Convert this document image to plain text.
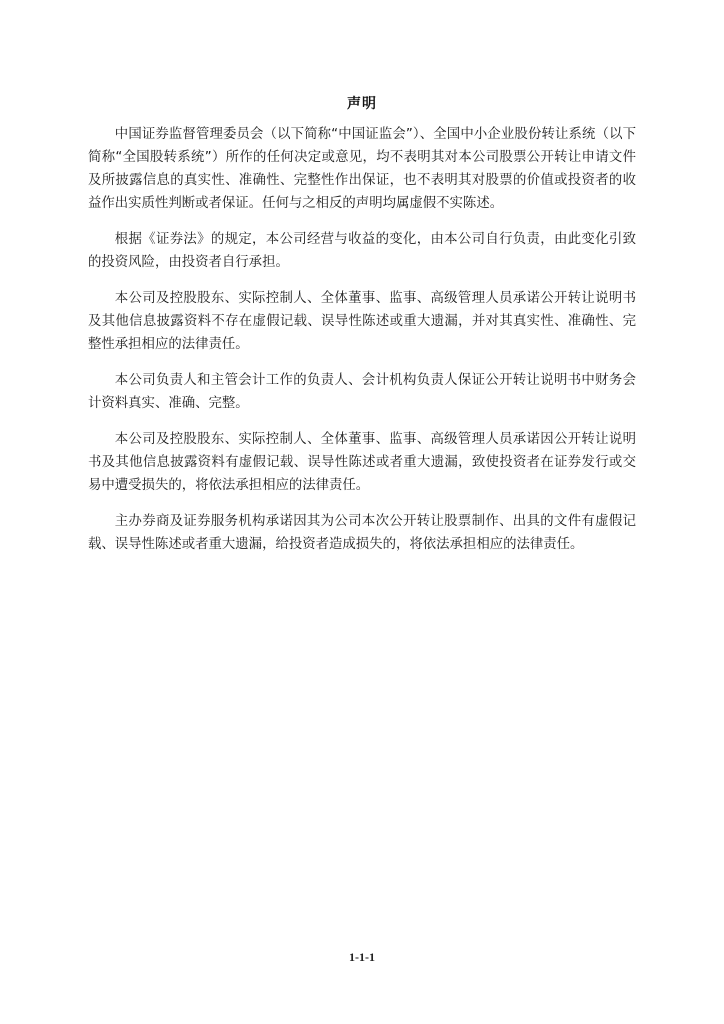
声明

中国证券监督管理委员会（以下简称“中国证监会”）、全国中小企业股份转让系统（以下简称“全国股转系统”）所作的任何决定或意见，均不表明其对本公司股票公开转让申请文件及所披露信息的真实性、准确性、完整性作出保证，也不表明其对股票的价值或投资者的收益作出实质性判断或者保证。任何与之相反的声明均属虚假不实陈述。

根据《证券法》的规定，本公司经营与收益的变化，由本公司自行负责，由此变化引致的投资风险，由投资者自行承担。

本公司及控股股东、实际控制人、全体董事、监事、高级管理人员承诺公开转让说明书及其他信息披露资料不存在虚假记载、误导性陈述或重大遗漏，并对其真实性、准确性、完整性承担相应的法律责任。

本公司负责人和主管会计工作的负责人、会计机构负责人保证公开转让说明书中财务会计资料真实、准确、完整。

本公司及控股股东、实际控制人、全体董事、监事、高级管理人员承诺因公开转让说明书及其他信息披露资料有虚假记载、误导性陈述或者重大遗漏，致使投资者在证券发行或交易中遭受损失的，将依法承担相应的法律责任。

主办券商及证券服务机构承诺因其为公司本次公开转让股票制作、出具的文件有虚假记载、误导性陈述或者重大遗漏，给投资者造成损失的，将依法承担相应的法律责任。

1-1-1
